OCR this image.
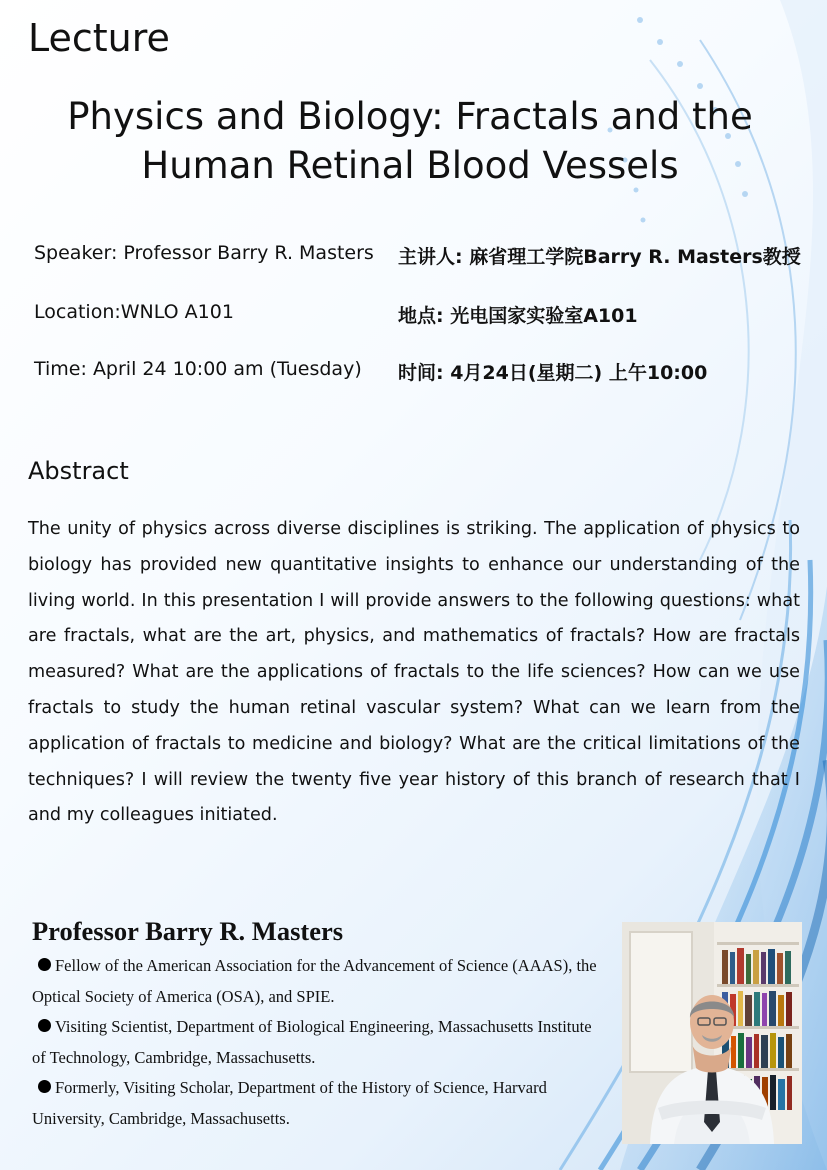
Lecture
Physics and Biology: Fractals and the
Human Retinal Blood Vessels
Speaker: Professor Barry R. Masters 主讲人: 麻省理工学院Barry R. Masters教授
Location:WNLO A101	地点: 光电国家实验室A101
Time: April 24 10:00 am (Tuesday) 时间: 4月24日(星期二) 上午10:00
Abstract
The unity of physics across diverse disciplines is striking. The application of physics to biology has provided new quantitative insights to enhance our understanding of the living world. In this presentation I will provide answers to the following questions: what are fractals, what are the art, physics, and mathematics of fractals? How are fractals measured? What are the applications of fractals to the life sciences? How can we use fractals to study the human retinal vascular system? What can we learn from the application of fractals to medicine and biology? What are the critical limitations of the techniques? I will review the twenty five year history of this branch of research that I and my colleagues initiated.
Professor Barry R. Masters

Fellow of the American Association for the Advancement of Science (AAAS), the Optical Society of America (OSA), and SPIE.

Visiting Scientist, Department of Biological Engineering, Massachusetts Institute of Technology, Cambridge, Massachusetts.

Formerly, Visiting Scholar, Department of the History of Science, Harvard University, Cambridge, Massachusetts.
